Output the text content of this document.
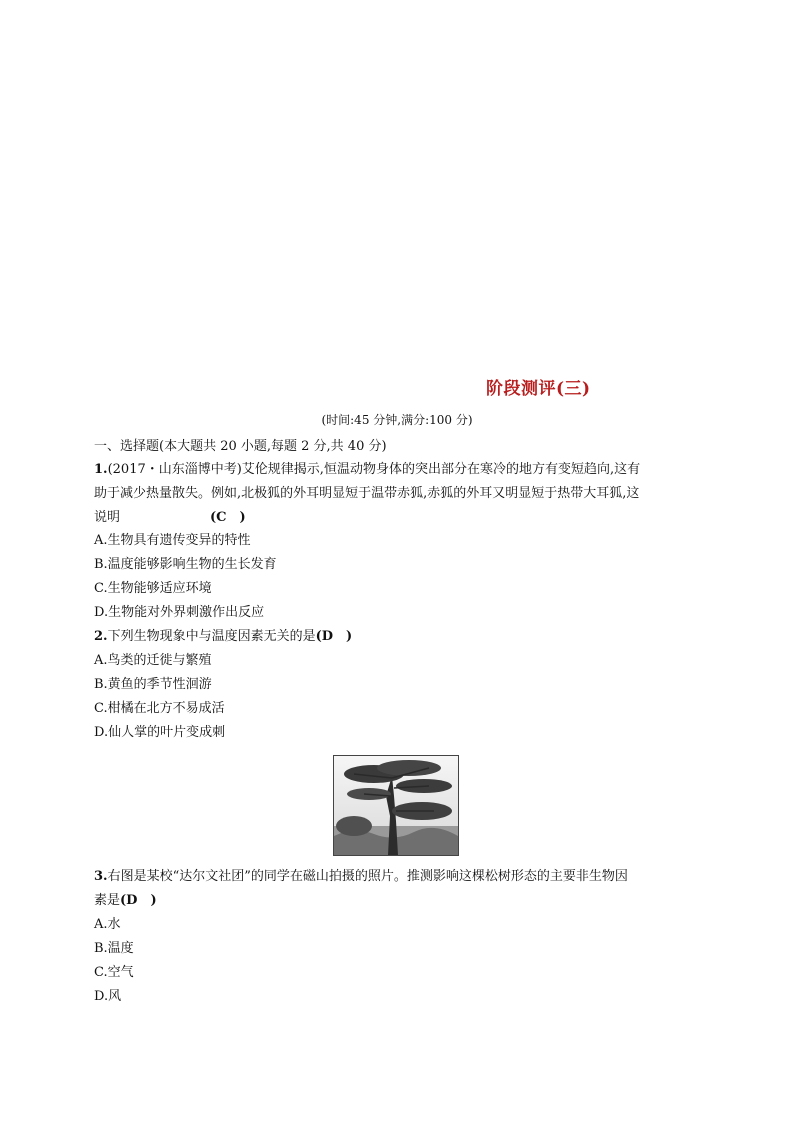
阶段测评(三)
(时间:45 分钟,满分:100 分)
一、选择题(本大题共 20 小题,每题 2 分,共 40 分)
1.(2017・山东淄博中考)艾伦规律揭示,恒温动物身体的突出部分在寒冷的地方有变短趋向,这有
助于减少热量散失。例如,北极狐的外耳明显短于温带赤狐,赤狐的外耳又明显短于热带大耳狐,这
说明	(C　)
A.生物具有遗传变异的特性
B.温度能够影响生物的生长发育
C.生物能够适应环境
D.生物能对外界刺激作出反应
2.下列生物现象中与温度因素无关的是(D　)
A.鸟类的迁徙与繁殖
B.黄鱼的季节性洄游
C.柑橘在北方不易成活
D.仙人掌的叶片变成刺
3.右图是某校“达尔文社团”的同学在磁山拍摄的照片。推测影响这棵松树形态的主要非生物因
素是(D　)
A.水
B.温度
C.空气
D.风
